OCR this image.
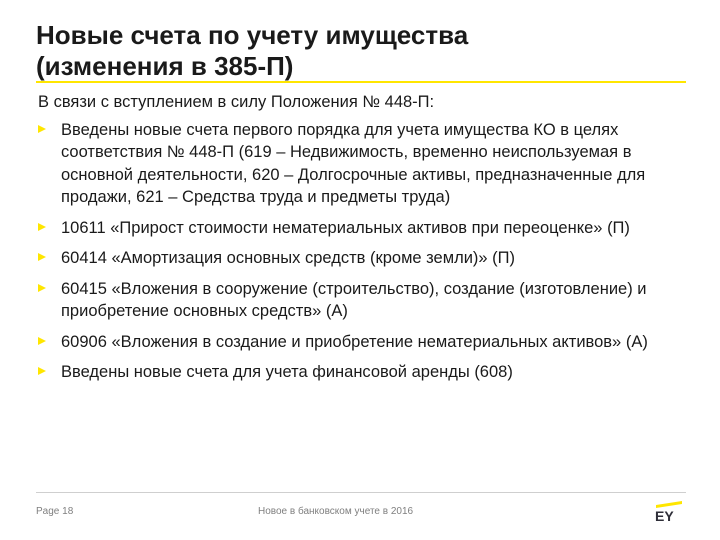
Новые счета по учету имущества
(изменения в 385-П)

В связи с вступлением в силу Положения № 448-П:

Введены новые счета первого порядка для учета имущества КО в целях соответствия № 448-П (619 – Недвижимость, временно неиспользуемая в основной деятельности, 620 – Долгосрочные активы, предназначенные для продажи, 621 – Средства труда и предметы труда)
10611 «Прирост стоимости нематериальных активов при переоценке» (П)
60414 «Амортизация основных средств (кроме земли)» (П)
60415 «Вложения в сооружение (строительство), создание (изготовление) и приобретение основных средств» (А)
60906 «Вложения в создание и приобретение нематериальных активов» (А)
Введены новые счета для учета финансовой аренды (608)
Page 18	Новое в банковском учете в 2016	EY
